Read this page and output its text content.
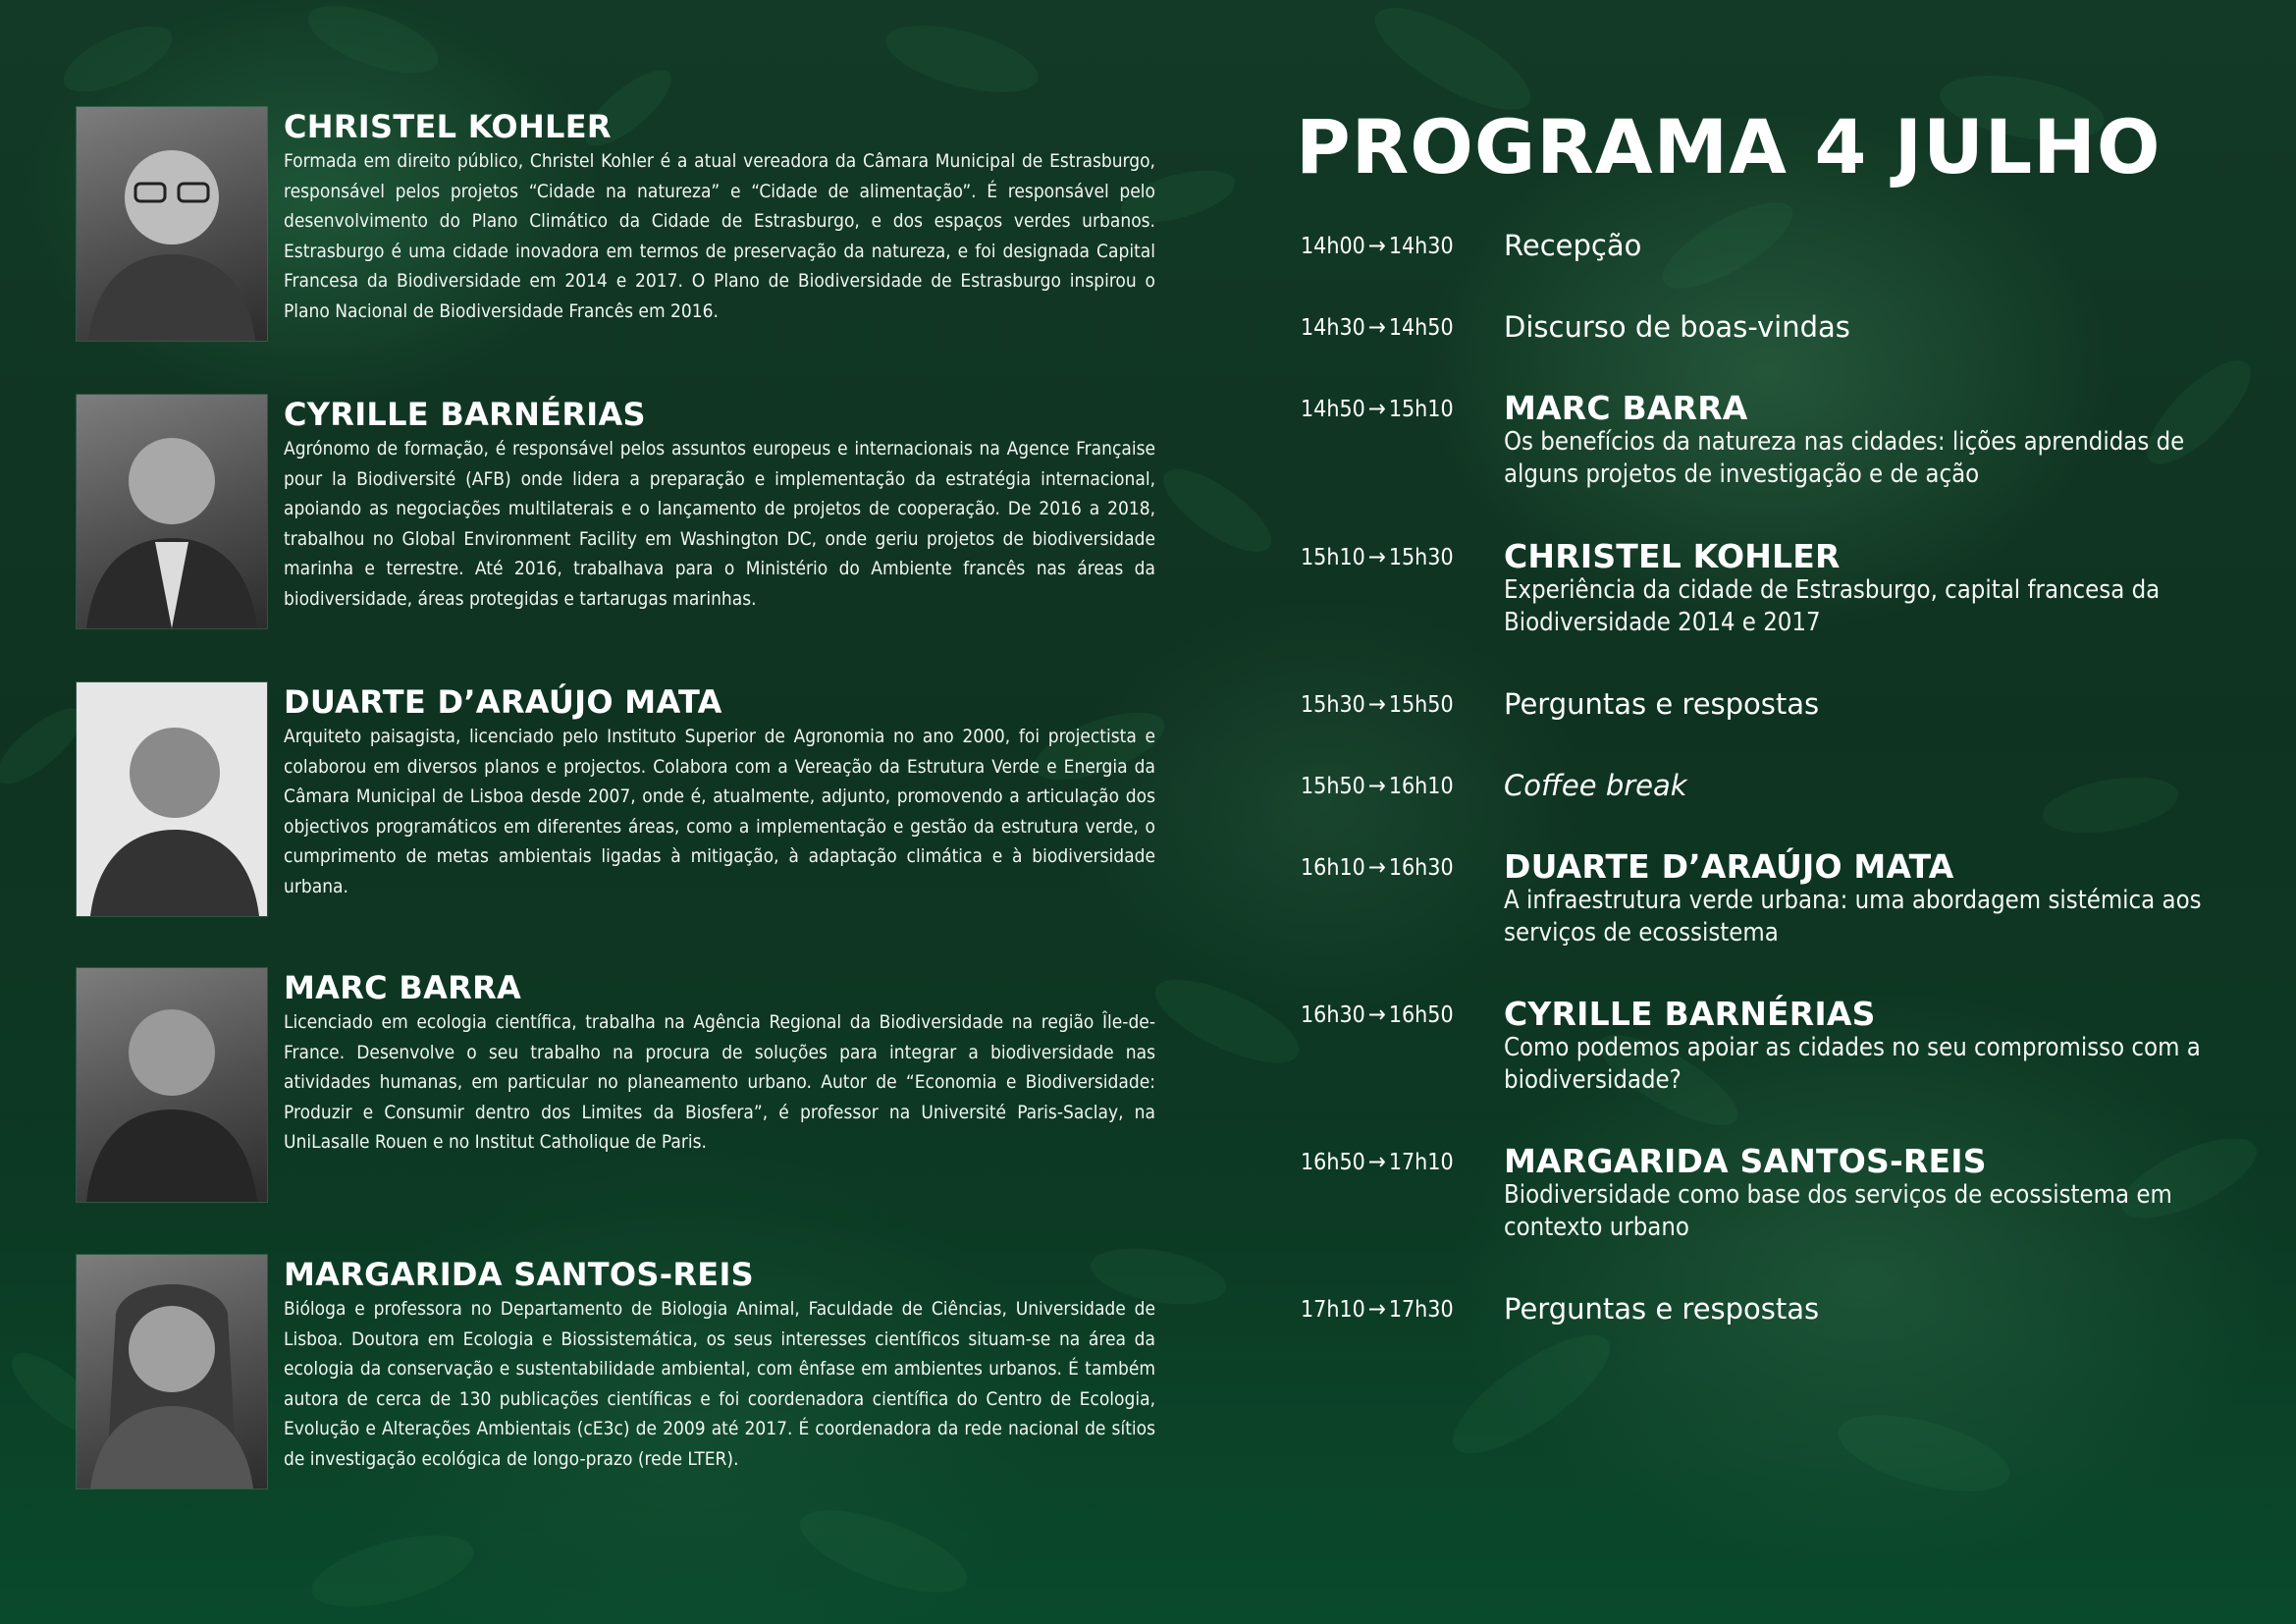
CHRISTEL KOHLER
Formada em direito público, Christel Kohler é a atual vereadora da Câmara Municipal de Estrasburgo, responsável pelos projetos “Cidade na natureza” e “Cidade de alimentação”. É responsável pelo desenvolvimento do Plano Climático da Cidade de Estrasburgo, e dos espaços verdes urbanos. Estrasburgo é uma cidade inovadora em termos de preservação da natureza, e foi designada Capital Francesa da Biodiversidade em 2014 e 2017. O Plano de Biodiversidade de Estrasburgo inspirou o Plano Nacional de Biodiversidade Francês em 2016.
CYRILLE BARNÉRIAS
Agrónomo de formação, é responsável pelos assuntos europeus e internacionais na Agence Française pour la Biodiversité (AFB) onde lidera a preparação e implementação da estratégia internacional, apoiando as negociações multilaterais e o lançamento de projetos de cooperação. De 2016 a 2018, trabalhou no Global Environment Facility em Washington DC, onde geriu projetos de biodiversidade marinha e terrestre. Até 2016, trabalhava para o Ministério do Ambiente francês nas áreas da biodiversidade, áreas protegidas e tartarugas marinhas.
DUARTE D’ARAÚJO MATA
Arquiteto paisagista, licenciado pelo Instituto Superior de Agronomia no ano 2000, foi projectista e colaborou em diversos planos e projectos. Colabora com a Vereação da Estrutura Verde e Energia da Câmara Municipal de Lisboa desde 2007, onde é, atualmente, adjunto, promovendo a articulação dos objectivos programáticos em diferentes áreas, como a implementação e gestão da estrutura verde, o cumprimento de metas ambientais ligadas à mitigação, à adaptação climática e à biodiversidade urbana.
MARC BARRA
Licenciado em ecologia científica, trabalha na Agência Regional da Biodiversidade na região Île-de-France. Desenvolve o seu trabalho na procura de soluções para integrar a biodiversidade nas atividades humanas, em particular no planeamento urbano. Autor de “Economia e Biodiversidade: Produzir e Consumir dentro dos Limites da Biosfera”, é professor na Université Paris-Saclay, na UniLasalle Rouen e no Institut Catholique de Paris.
MARGARIDA SANTOS-REIS
Bióloga e professora no Departamento de Biologia Animal, Faculdade de Ciências, Universidade de Lisboa. Doutora em Ecologia e Biossistemática, os seus interesses científicos situam-se na área da ecologia da conservação e sustentabilidade ambiental, com ênfase em ambientes urbanos. É também autora de cerca de 130 publicações científicas e foi coordenadora científica do Centro de Ecologia, Evolução e Alterações Ambientais (cE3c) de 2009 até 2017. É coordenadora da rede nacional de sítios de investigação ecológica de longo-prazo (rede LTER).
PROGRAMA 4 JULHO
14h00 → 14h30	Recepção
14h30 → 14h50	Discurso de boas-vindas
14h50 → 15h10	MARC BARRA
Os benefícios da natureza nas cidades: lições aprendidas de alguns projetos de investigação e de ação
15h10 → 15h30	CHRISTEL KOHLER
Experiência da cidade de Estrasburgo, capital francesa da Biodiversidade 2014 e 2017
15h30 → 15h50	Perguntas e respostas
15h50 → 16h10	Coffee break
16h10 → 16h30	DUARTE D’ARAÚJO MATA
A infraestrutura verde urbana: uma abordagem sistémica aos serviços de ecossistema
16h30 → 16h50	CYRILLE BARNÉRIAS
Como podemos apoiar as cidades no seu compromisso com a biodiversidade?
16h50 → 17h10	MARGARIDA SANTOS-REIS
Biodiversidade como base dos serviços de ecossistema em contexto urbano
17h10 → 17h30	Perguntas e respostas
